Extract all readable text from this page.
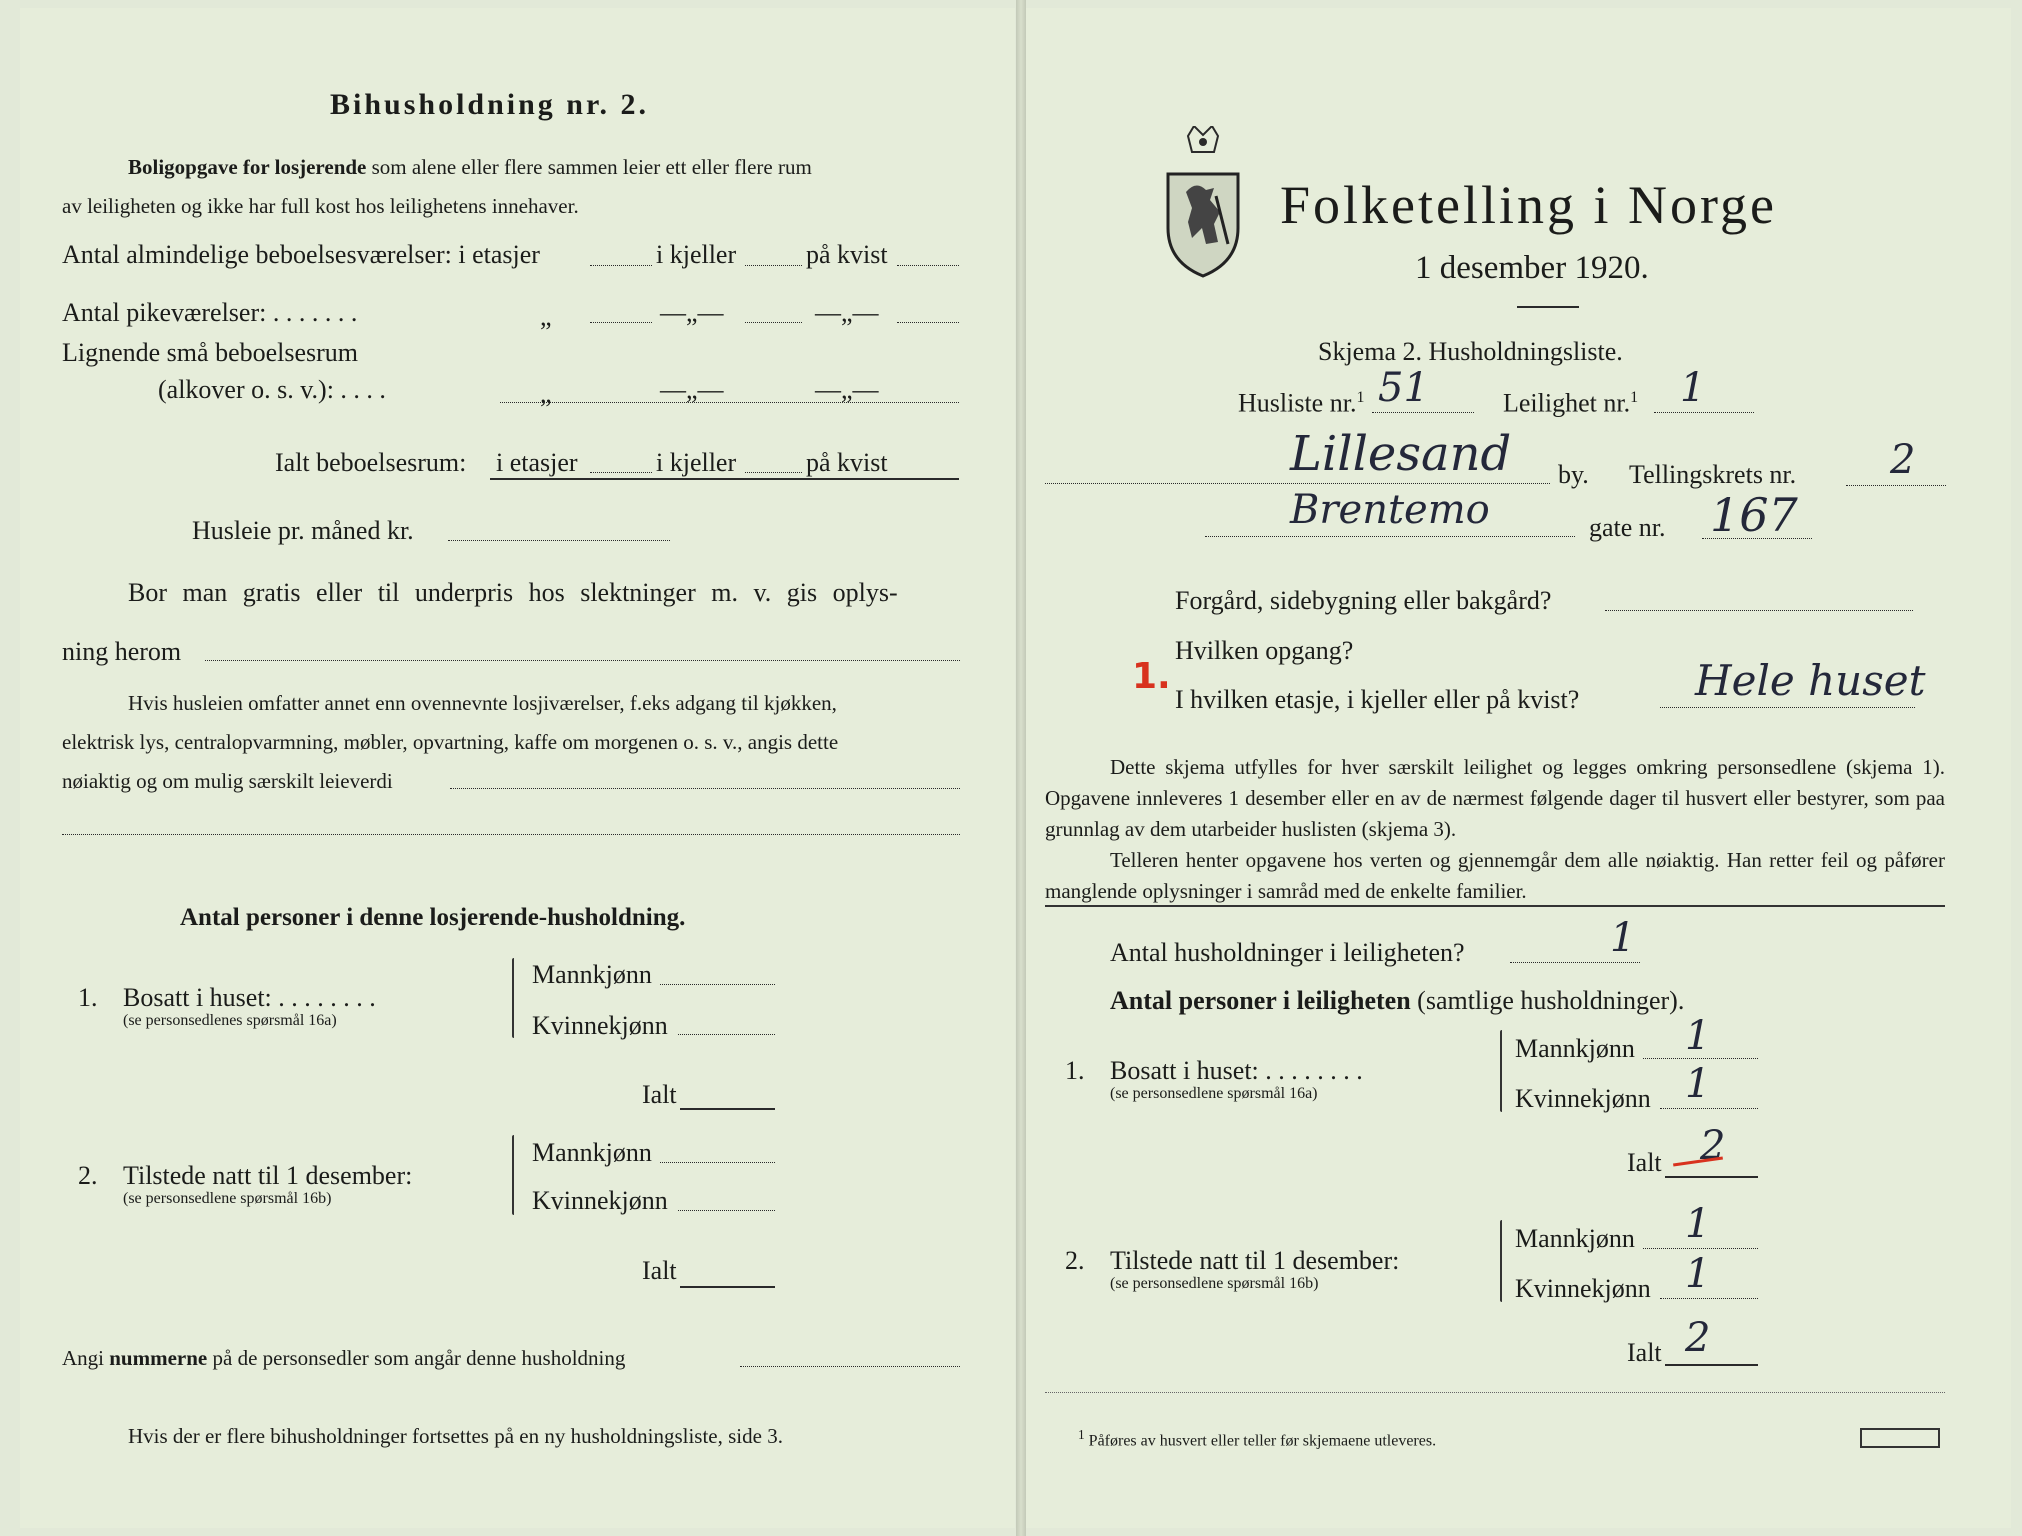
Bihusholdning nr. 2.
Boligopgave for losjerende som alene eller flere sammen leier ett eller flere rum
av leiligheten og ikke har full kost hos leilighetens innehaver.
Antal almindelige beboelsesværelser: i etasjer	i kjeller	på kvist
Antal pikeværelser: . . . . . . .	„	—„—	—„—
Lignende små beboelsesrum
(alkover o. s. v.): . . . .	„	—„—	—„—
Ialt beboelsesrum: i etasjer	i kjeller	på kvist
Husleie pr. måned kr.
Bor man gratis eller til underpris hos slektninger m. v. gis oplys-
ning herom
Hvis husleien omfatter annet enn ovennevnte losjiværelser, f.eks adgang til kjøkken,
elektrisk lys, centralopvarmning, møbler, opvartning, kaffe om morgenen o. s. v., angis dette
nøiaktig og om mulig særskilt leieverdi
Antal personer i denne losjerende-husholdning.
1. Bosatt i huset: . . . . . . . .
(se personsedlenes spørsmål 16a)
Mannkjønn
Kvinnekjønn
Ialt
2. Tilstede natt til 1 desember:
(se personsedlene spørsmål 16b)
Mannkjønn
Kvinnekjønn
Ialt
Angi nummerne på de personsedler som angår denne husholdning
Hvis der er flere bihusholdninger fortsettes på en ny husholdningsliste, side 3.
Folketelling i Norge
1 desember 1920.
Skjema 2. Husholdningsliste.
Husliste nr.$^1$ 51	Leilighet nr.$^1$ 1
Lillesand by. Tellingskrets nr. 2
Brentemo	gate nr. 167
Forgård, sidebygning eller bakgård?
Hvilken opgang?
1.
I hvilken etasje, i kjeller eller på kvist?	Hele huset
Dette skjema utfylles for hver særskilt leilighet og legges omkring personsedlene (skjema 1). Opgavene innleveres 1 desember eller en av de nærmest følgende dager til husvert eller bestyrer, som paa grunnlag av dem utarbeider huslisten (skjema 3).
Telleren henter opgavene hos verten og gjennemgår dem alle nøiaktig. Han retter feil og påfører manglende oplysninger i samråd med de enkelte familier.
Antal husholdninger i leiligheten?	1
Antal personer i leiligheten (samtlige husholdninger).
1. Bosatt i huset: . . . . . . . .
(se personsedlene spørsmål 16a)
Mannkjønn 1
Kvinnekjønn 1
Ialt 2
2. Tilstede natt til 1 desember:
(se personsedlene spørsmål 16b)
Mannkjønn 1
Kvinnekjønn 1
Ialt 2
$^1$ Påføres av husvert eller teller før skjemaene utleveres.
